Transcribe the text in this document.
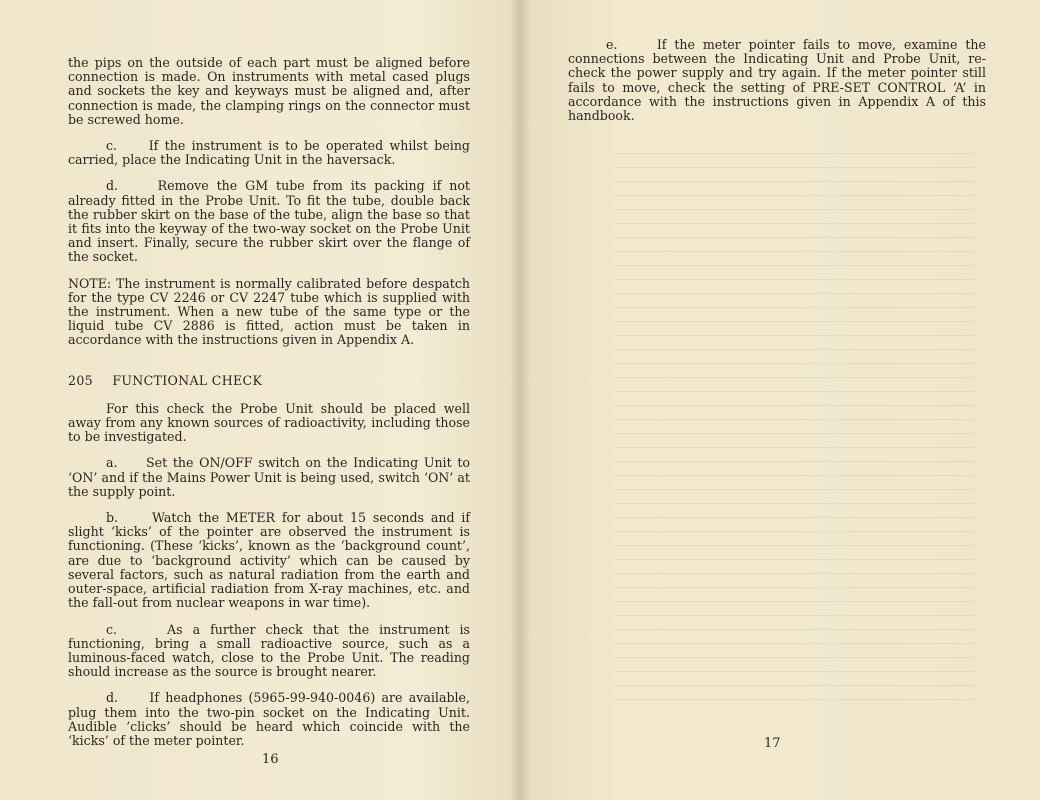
the pips on the outside of each part must be aligned before connection is made. On instruments with metal cased plugs and sockets the key and keyways must be aligned and, after connection is made, the clamping rings on the connector must be screwed home.

c.     If the instrument is to be operated whilst being carried, place the Indicating Unit in the haversack.

d.     Remove the GM tube from its packing if not already fitted in the Probe Unit. To fit the tube, double back the rubber skirt on the base of the tube, align the base so that it fits into the keyway of the two-way socket on the Probe Unit and insert. Finally, secure the rubber skirt over the flange of the socket.

NOTE: The instrument is normally calibrated before despatch for the type CV 2246 or CV 2247 tube which is supplied with the instrument. When a new tube of the same type or the liquid tube CV 2886 is fitted, action must be taken in accordance with the instructions given in Appendix A.

205 FUNCTIONAL CHECK

For this check the Probe Unit should be placed well away from any known sources of radioactivity, including those to be investigated.

a.     Set the ON/OFF switch on the Indicating Unit to ‘ON’ and if the Mains Power Unit is being used, switch ‘ON’ at the supply point.

b.     Watch the METER for about 15 seconds and if slight ‘kicks’ of the pointer are observed the instrument is functioning. (These ‘kicks’, known as the ‘background count’, are due to ‘background activity’ which can be caused by several factors, such as natural radiation from the earth and outer-space, artificial radiation from X-ray machines, etc. and the fall-out from nuclear weapons in war time).

c.     As a further check that the instrument is functioning, bring a small radioactive source, such as a luminous-faced watch, close to the Probe Unit. The reading should increase as the source is brought nearer.

d.     If headphones (5965-99-940-0046) are available, plug them into the two-pin socket on the Indicating Unit. Audible ‘clicks’ should be heard which coincide with the ‘kicks’ of the meter pointer.

16

e.     If the meter pointer fails to move, examine the connections between the Indicating Unit and Probe Unit, re-check the power supply and try again. If the meter pointer still fails to move, check the setting of PRE-SET CONTROL ‘A’ in accordance with the instructions given in Appendix A of this handbook.

17
